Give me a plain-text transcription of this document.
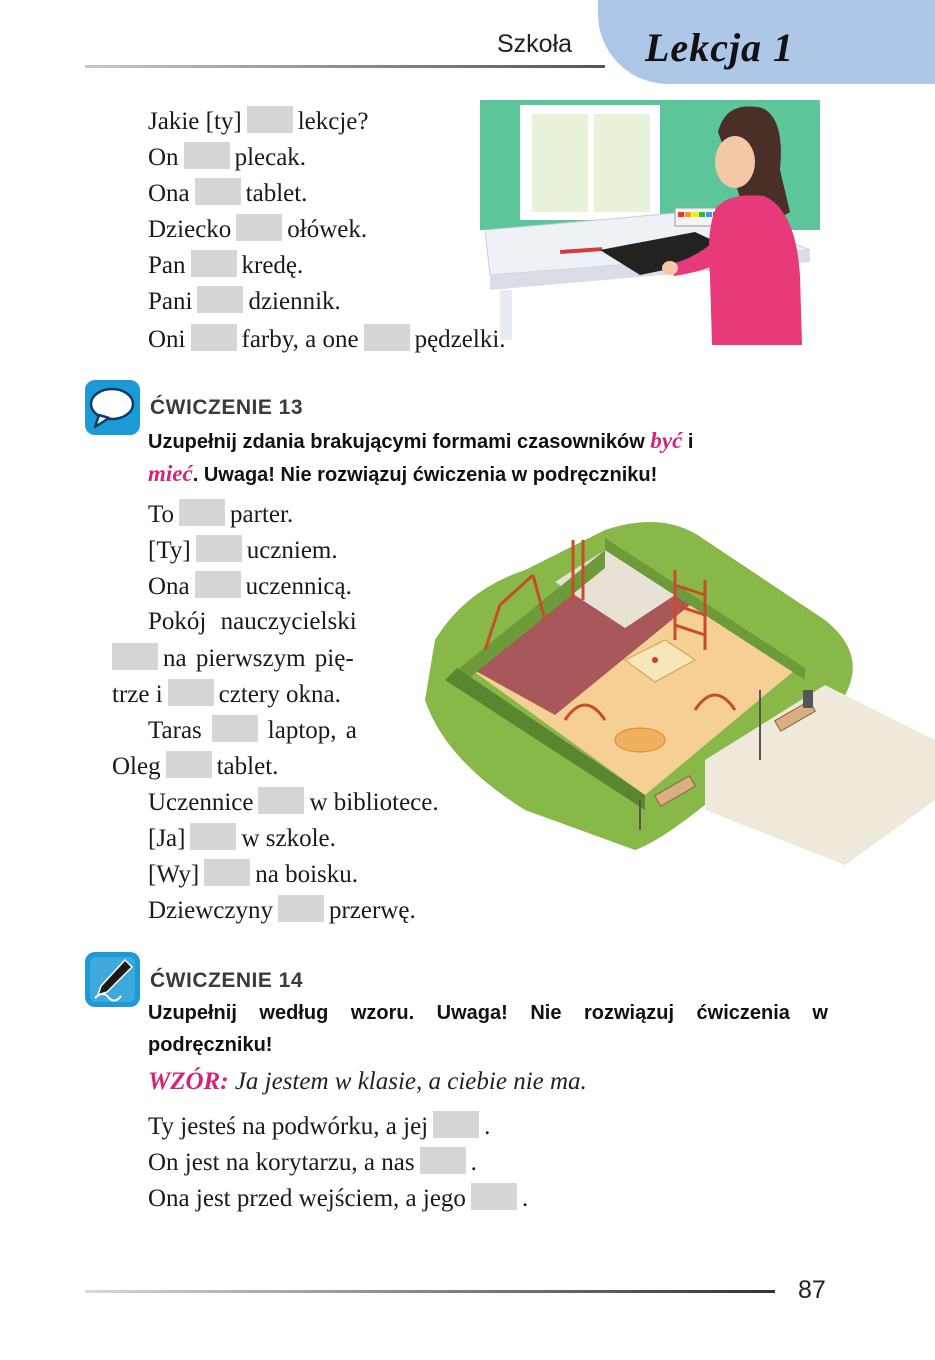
Szkoła Lekcja 1
Jakie [ty] lekcje?
On plecak.
Ona tablet.
Dziecko ołówek.
Pan kredę.
Pani dziennik.
Oni farby, a one pędzelki.
ĆWICZENIE 13
Uzupełnij zdania brakującymi formami czasowników być i
mieć. Uwaga! Nie rozwiązuj ćwiczenia w podręczniku!
To parter.
[Ty] uczniem.
Ona uczennicą.
Pokój nauczycielski
na pierwszym pię-
trze i cztery okna.
Taras	laptop, a
Oleg tablet.
Uczennice w bibliotece.
[Ja] w szkole.
[Wy] na boisku.
Dziewczyny przerwę.
ĆWICZENIE 14
Uzupełnij według wzoru. Uwaga! Nie rozwiązuj ćwiczenia w podręczniku!
WZÓR: Ja jestem w klasie, a ciebie nie ma.
Ty jesteś na podwórku, a jej .
On jest na korytarzu, a nas .
Ona jest przed wejściem, a jego .
87
